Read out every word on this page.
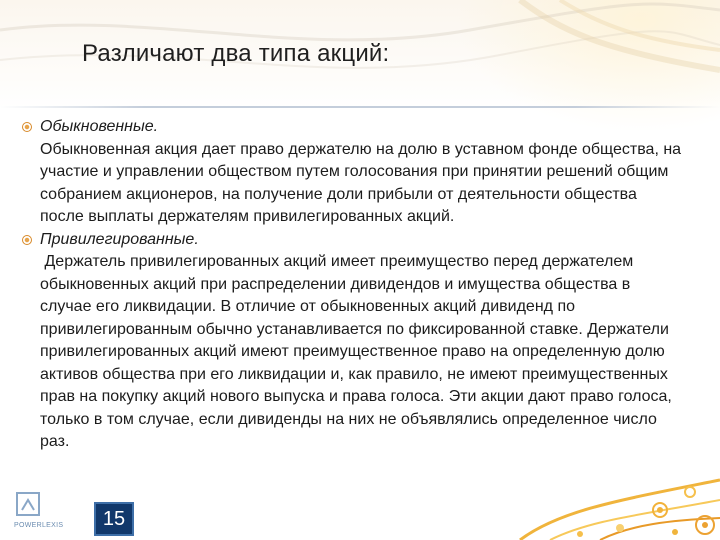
Различают два типа акций:
Обыкновенные.

Обыкновенная акция дает право держателю на долю в уставном фонде общества, на участие и управлении обществом путем голосования при принятии решений общим собранием акционеров, на получение доли прибыли от деятельности общества после выплаты держателям привилегированных акций.

Привилегированные.

Держатель привилегированных акций имеет преимущество перед держателем обыкновенных акций при распределении дивидендов и имущества общества в случае его ликвидации. В отличие от обыкновенных акций дивиденд по привилегированным обычно устанавливается по фиксированной ставке. Держатели привилегированных акций имеют преимущественное право на определенную долю активов общества при его ликвидации и, как правило, не имеют преимущественных прав на покупку акций нового выпуска и права голоса. Эти акции дают право голоса, только в том случае, если дивиденды на них не объявлялись определенное число раз.

POWERLEXIS	15
